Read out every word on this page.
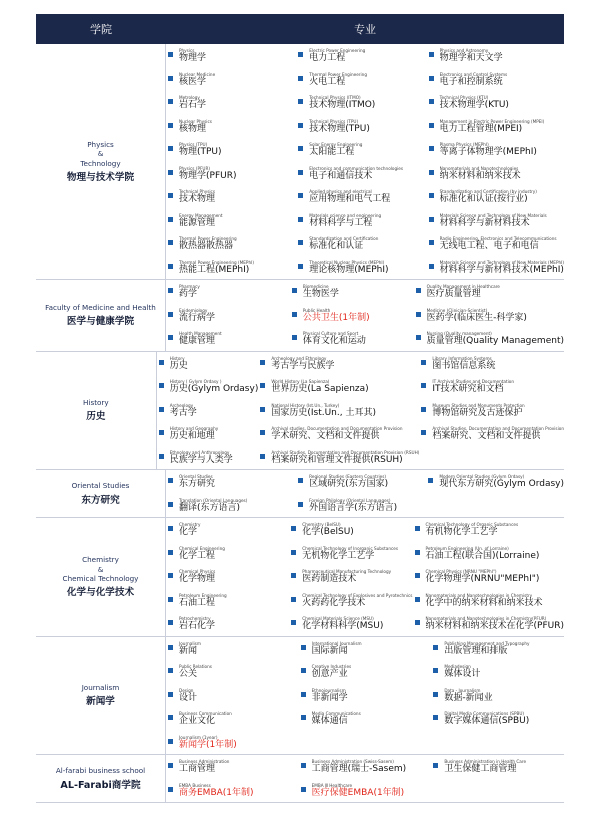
学院	专业
Physics
&
Technology
物理与技术学院
Physics
物理学
Electric Power Engineering
电力工程
Physics and Astronomy
物理学和天文学
Nuclear Medicine
核医学
Thermal Power Engineering
火电工程
Electronics and Control Systems
电子和控制系统
Metrology
岩石学
Technical Physics (ITMO)
技术物理(ITMO)
Technical Physics (KTU)
技术物理学(KTU)
Nuclear Physics
核物理
Technical Physics (TPU)
技术物理(TPU)
Management in Electric Power Engineering (MPEI)
电力工程管理(MPEI)
Physics (TPU)
物理(TPU)
Solar Energy Engineering
太阳能工程
Plasma Physics (MEPhI)
等离子体物理学(MEPhI)
Physics (PFUR)
物理学(PFUR)
Electronics and communication technologies
电子和通信技术
Nanomaterials and Nanotechnologies
纳米材料和纳米技术
Technical Physics
技术物理
Applied physics and electrical
应用物理和电气工程
Standardization and Certification (by industry)
标准化和认证(按行业)
Energy Management
能源管理
Materials science and engineering
材料科学与工程
Materials Science and Technology of New Materials
材料科学与新材料技术
Thermal Power Engineering
散热器散热器
Standardization and Certification
标准化和认证
Radio Engineering, Electronics and Telecommunications
无线电工程、电子和电信
Thermal Power Engineering (MEPhI)
热能工程(MEPhI)
Theoretical Nuclear Physics (MEPhI)
理论核物理(MEPhI)
Materials Science and Technology of New Materials (MEPhI)
材料科学与新材料技术(MEPhI)
Faculty of Medicine and Health
医学与健康学院
Pharmacy
药学
Biomedicine
生物医学
Quality Management in Healthcare
医疗质量管理
Epidemiology
流行病学
Public Health
公共卫生(1年制)
Medicine (Clinician-Scientist)
医药学(临床医生-科学家)
Health Management
健康管理
Physical Culture and Sport
体育文化和运动
Nursing (Quality management)
质量管理(Quality Management)
History
历史
History
历史
Archeology and Ethnology
考古学与民族学
Library Information Systems
图书馆信息系统
History ( Gylym Ordasy )
历史(Gylym Ordasy)
World History (La Sapienza)
世界历史(La Sapienza)
IT Archival Studies and Documentation
IT技术研究和文档
Archeology
考古学
National History (Ist.Un., Turkey)
国家历史(Ist.Un., 土耳其)
Museum Studies and Monuments Protection
博物馆研究及古迹保护
History and Geography
历史和地理
Archival studies, Documentation and Documentation Provision
学术研究、文档和文件提供
Archival Studies, Documentation and Documentation Provision
档案研究、文档和文件提供
Ethnology and Anthropology
民族学与人类学
Archival Studies, Documentation and Documentation Provision (RSUH)
档案研究和管理文件提供(RSUH)
Oriental Studies
东方研究
Oriental Studies
东方研究
Regional Studies (Eastern Countries)
区域研究(东方国家)
Modern Oriental Studies (Gylym Ordasy)
现代东方研究(Gylym Ordasy)
Translation (Oriental Languages)
翻译(东方语言)
Foreign Philology (Oriental Languages)
外国语言学(东方语言)
Chemistry
&
Chemical Technology
化学与化学技术
Chemistry
化学
Chemistry (BelSU)
化学(BelSU)
Chemical Technology of Organic Substances
有机物化学工艺学
Chemical Engineering
化学工程
Chemical Technology of Inorganic Substances
无机物化学工艺学
Petroleum Engineering (Un. of Lorraine)
石油工程(联合国)(Lorraine)
Chemical Physics
化学物理
Pharmaceutical Manufacturing Technology
医药制造技术
Chemical Physics (NRNU "MEPhI")
化学物理学(NRNU"MEPhI")
Petroleum Engineering
石油工程
Chemical Technology of Explosives and Pyrotechnics
火药药化学技术
Nanomaterials and Nanotechnologies in Chemistry
化学中的纳米材料和纳米技术
Petrochemistry
岩石化学
Chemical Materials Science (MSU)
化学材料科学(MSU)
Nanomaterials and Nanotechnologies in Chemistry(PFUR)
纳米材料和纳米技术在化学(PFUR)
Journalism
新闻学
Journalism
新闻
International Journalism
国际新闻
Publishing Management and Typography
出版管理和排版
Public Relations
公关
Creative Industries
创意产业
Mediadesign
媒体设计
Design
设计
Ethnojournalism
非新闻学
Data - Journalism
数据-新闻业
Business Communication
企业文化
Media Communications
媒体通信
Digital Media Communications (SPBU)
数字媒体通信(SPBU)
Journalism (1year)
新闻学(1年制)
Al-farabi business school
AL-Farabi商学院
Business Administration
工商管理
Business Administration (Swiss-Sasem)
工商管理(瑞士-Sasem)
Business Administration in Health Care
卫生保健工商管理
EMBA Business
商务EMBA(1年制)
EMBA Ⅲ Healthcare
医疗保健EMBA(1年制)
